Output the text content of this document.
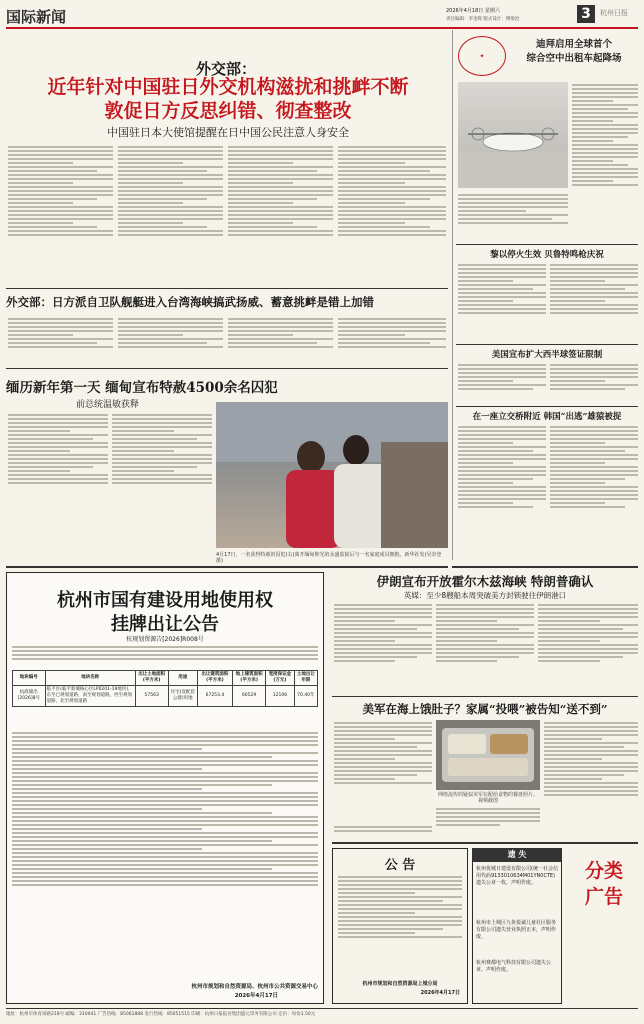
国际新闻	2026年4月18日 星期六
责任编辑：李金辉 版式设计：傅梁沧	3	杭州日报
外交部：
近年针对中国驻日外交机构滋扰和挑衅不断
敦促日方反思纠错、彻查整改
中国驻日本大使馆提醒在日中国公民注意人身安全
外交部：日方派自卫队舰艇进入台湾海峡搞武扬威、蓄意挑衅是错上加错
缅历新年第一天 缅甸宣布特赦4500余名囚犯
前总统温敏获释
4月17日，一名获得特赦的囚犯(右)离开缅甸仰光的永盛监狱后与一名家庭成员拥抱。新华社发(吴奈登 摄)
✦
迪拜启用全球首个
综合空中出租车起降场
黎以停火生效 贝鲁特鸣枪庆祝
美国宣布扩大西半球签证限制
在一座立交桥附近 韩国“出逃”雄猿被捉
杭州市国有建设用地使用权
挂牌出让公告
杭规划资源告[2026]R008号
地块编号	地块名称	出让土地面积(平方米)	用途	出让建筑面积(平方米)	地上建筑面积(平方米)	宽度保证金(万元)	土地出让年限
杭政储出[2026]8号	临平区(临平新城核心区LP0201-19地块)，东至已规划道路，南至规划道路，西至规划道路，北至规划道路	57563	住宅(设配套公建)用地	67253.4	60529	12106	70.40年
杭州市规划和自然资源局、杭州市公共资源交易中心
2026年4月17日
伊朗宣布开放霍尔木兹海峡 特朗普确认
英媒：至少8艘船本周突破美方封锁驶往伊朗港口
美军在海上饿肚子？家属“投喂”被告知“送不到”
网络流传的疑似美军在配给食物的餐盘照片。视频截图
公 告
杭州市规划和自然资源局上城分局
2026年4月17日
遗 失
杭州优城日建设有限公司(统一社会信用代码9133010634M01YN0CTE)遗失公章一枚，声明作废。
杭州市上城区九鱼悦诚儿童社区服务有限公司遗失营业执照正本，声明作废。
杭州赛都电气科技有限公司遗失公章，声明作废。
分类
广告
地址：杭州市体育场路218号 邮编：310041 广告热线：85061888 发行热线：85051515 印刷：杭州日报报业集团盛元印务有限公司 定价：每份1.50元
